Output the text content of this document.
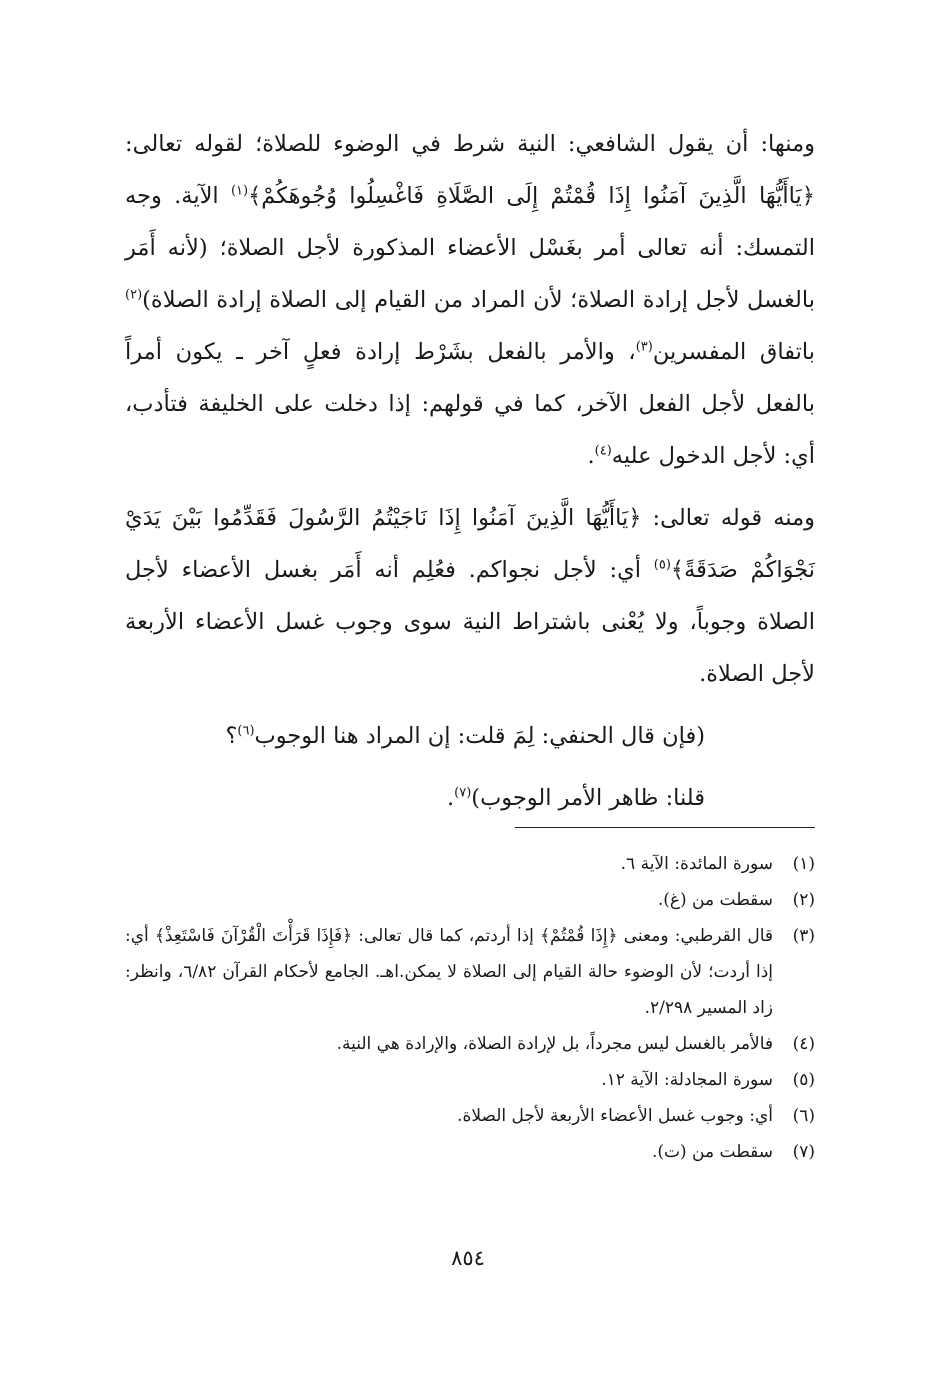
ومنها: أن يقول الشافعي: النية شرط في الوضوء للصلاة؛ لقوله تعالى: ﴿يَاأَيُّهَا الَّذِينَ آمَنُوا إِذَا قُمْتُمْ إِلَى الصَّلَاةِ فَاغْسِلُوا وُجُوهَكُمْ﴾$^{(١)}$ الآية. وجه التمسك: أنه تعالى أمر بغَسْل الأعضاء المذكورة لأجل الصلاة؛ (لأنه أَمَر بالغسل لأجل إرادة الصلاة؛ لأن المراد من القيام إلى الصلاة إرادة الصلاة)$^{(٢)}$ باتفاق المفسرين$^{(٣)}$، والأمر بالفعل بشَرْط إرادة فعلٍ آخر ـ يكون أمراً بالفعل لأجل الفعل الآخر، كما في قولهم: إذا دخلت على الخليفة فتأدب، أي: لأجل الدخول عليه$^{(٤)}$.

ومنه قوله تعالى: ﴿يَاأَيُّهَا الَّذِينَ آمَنُوا إِذَا نَاجَيْتُمُ الرَّسُولَ فَقَدِّمُوا بَيْنَ يَدَيْ نَجْوَاكُمْ صَدَقَةً﴾$^{(٥)}$ أي: لأجل نجواكم. فعُلِم أنه أَمَر بغسل الأعضاء لأجل الصلاة وجوباً، ولا يُعْنى باشتراط النية سوى وجوب غسل الأعضاء الأربعة لأجل الصلاة.

(فإن قال الحنفي: لِمَ قلت: إن المراد هنا الوجوب$^{(٦)}$؟

قلنا: ظاهر الأمر الوجوب)$^{(٧)}$.

(١)
سورة المائدة: الآية ٦.
(٢)
سقطت من (غ).
(٣)
قال القرطبي: ومعنى ﴿إِذَا قُمْتُمْ﴾ إذا أردتم، كما قال تعالى: ﴿فَإِذَا قَرَأْتَ الْقُرْآنَ فَاسْتَعِذْ﴾ أي: إذا أردت؛ لأن الوضوء حالة القيام إلى الصلاة لا يمكن.اهـ. الجامع لأحكام القرآن ٦/٨٢، وانظر: زاد المسير ٢/٢٩٨.
(٤)
فالأمر بالغسل ليس مجرداً، بل لإرادة الصلاة، والإرادة هي النية.
(٥)
سورة المجادلة: الآية ١٢.
(٦)
أي: وجوب غسل الأعضاء الأربعة لأجل الصلاة.
(٧)
سقطت من (ت).
٨٥٤
